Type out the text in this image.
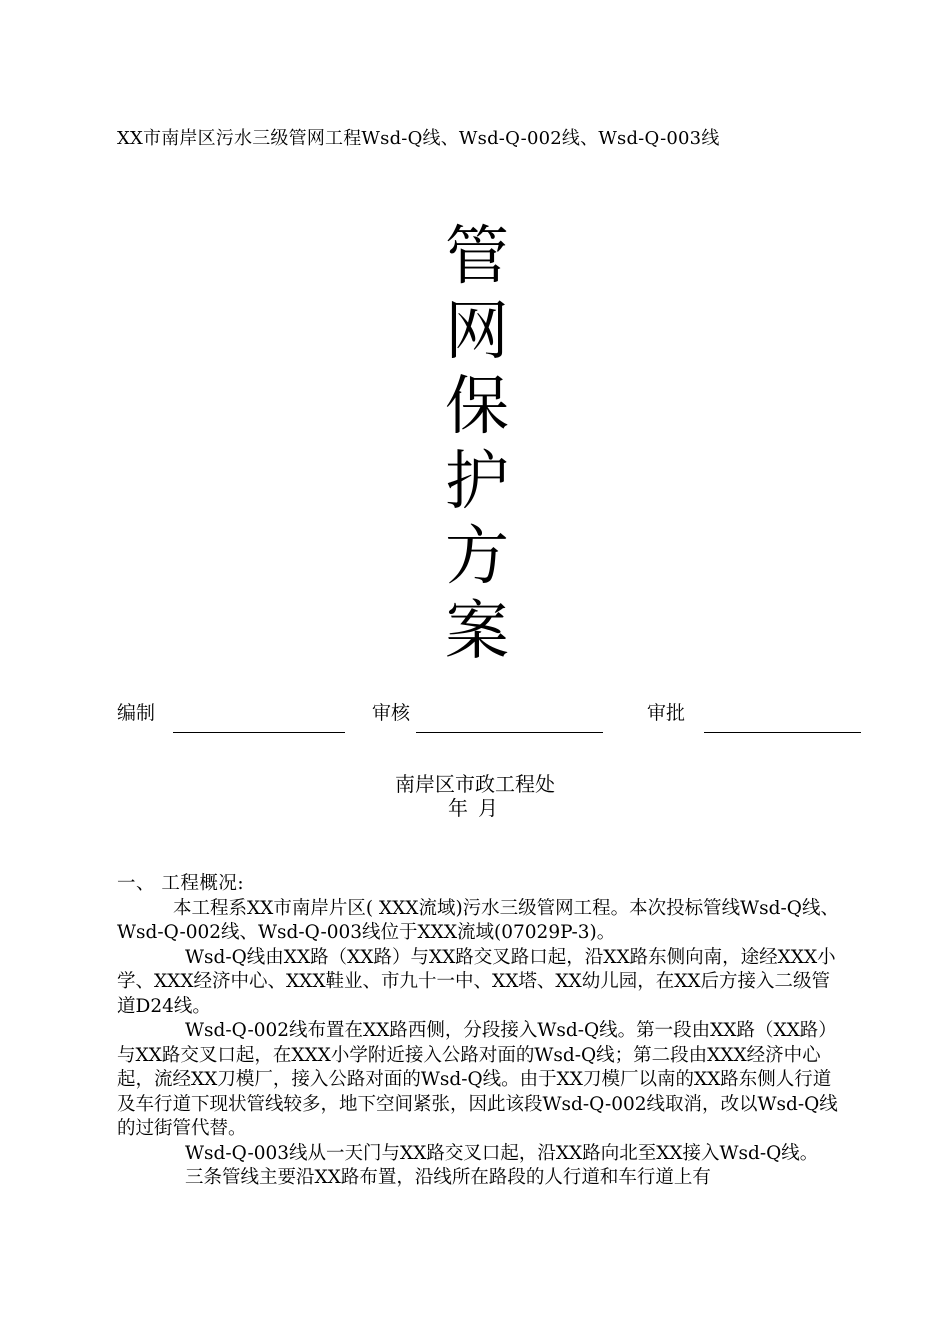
XX市南岸区污水三级管网工程Wsd-Q线、Wsd-Q-002线、Wsd-Q-003线
管
网
保
护
方
案
编制	审核	审批
南岸区市政工程处
年月

一、 工程概况:

本工程系XX市南岸片区( XXX流域)污水三级管网工程。本次投标管线Wsd-Q线、Wsd-Q-002线、Wsd-Q-003线位于XXX流域(07029P-3)。

Wsd-Q线由XX路（XX路）与XX路交叉路口起，沿XX路东侧向南，途经XXX小学、XXX经济中心、XXX鞋业、市九十一中、XX塔、XX幼儿园，在XX后方接入二级管道D24线。

Wsd-Q-002线布置在XX路西侧，分段接入Wsd-Q线。第一段由XX路（XX路）与XX路交叉口起，在XXX小学附近接入公路对面的Wsd-Q线；第二段由XXX经济中心起，流经XX刀模厂，接入公路对面的Wsd-Q线。由于XX刀模厂以南的XX路东侧人行道及车行道下现状管线较多，地下空间紧张，因此该段Wsd-Q-002线取消，改以Wsd-Q线的过街管代替。

Wsd-Q-003线从一天门与XX路交叉口起，沿XX路向北至XX接入Wsd-Q线。

三条管线主要沿XX路布置，沿线所在路段的人行道和车行道上有
